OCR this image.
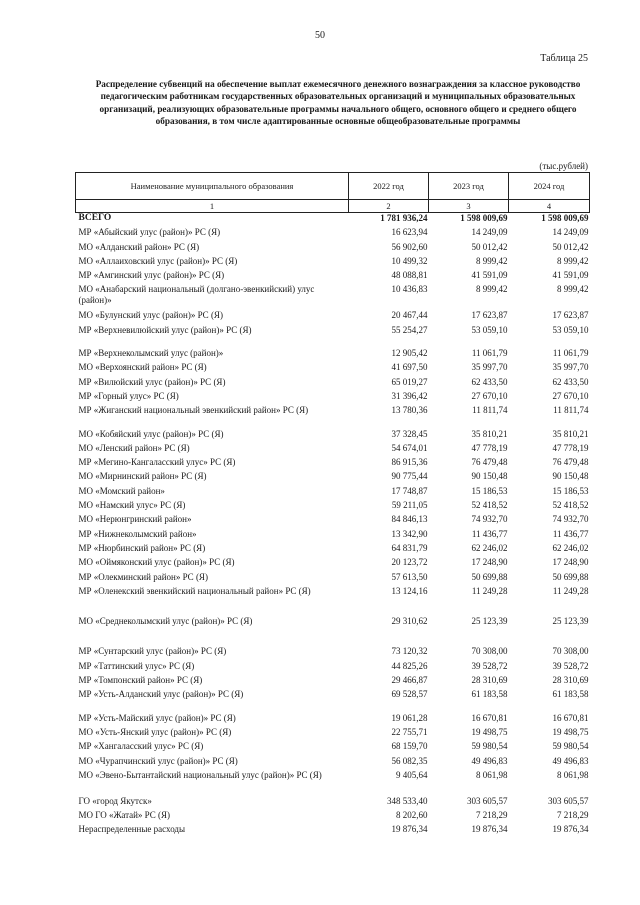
50
Таблица 25
Распределение субвенций на обеспечение выплат ежемесячного денежного вознаграждения за классное руководство педагогическим работникам государственных образовательных организаций и муниципальных образовательных организаций, реализующих образовательные программы начального общего, основного общего и среднего общего образования, в том числе адаптированные основные общеобразовательные программы
(тыс.рублей)
Наименование муниципального образования	2022 год	2023 год	2024 год
1	2	3	4
ВСЕГО	1 781 936,24	1 598 009,69	1 598 009,69
МР «Абыйский улус (район)» РС (Я)	16 623,94	14 249,09	14 249,09
МО «Алданский район» РС (Я)	56 902,60	50 012,42	50 012,42
МО «Аллаиховский улус (район)» РС (Я)	10 499,32	8 999,42	8 999,42
МР «Амгинский улус (район)» РС (Я)	48 088,81	41 591,09	41 591,09
МО «Анабарский национальный (долгано-эвенкийский) улус (район)»	10 436,83	8 999,42	8 999,42
МО «Булунский улус (район)» РС (Я)	20 467,44	17 623,87	17 623,87
МР «Верхневилюйский улус (район)» РС (Я)	55 254,27	53 059,10	53 059,10

МР «Верхнеколымский улус (район)»	12 905,42	11 061,79	11 061,79
МО «Верхоянский район» РС (Я)	41 697,50	35 997,70	35 997,70
МР «Вилюйский улус (район)» РС (Я)	65 019,27	62 433,50	62 433,50
МР «Горный улус» РС (Я)	31 396,42	27 670,10	27 670,10
МР «Жиганский национальный эвенкийский район» РС (Я)	13 780,36	11 811,74	11 811,74

МО «Кобяйский улус (район)» РС (Я)	37 328,45	35 810,21	35 810,21
МО «Ленский район» РС (Я)	54 674,01	47 778,19	47 778,19
МР «Мегино-Кангаласский улус» РС (Я)	86 915,36	76 479,48	76 479,48
МО «Мирнинский район» РС (Я)	90 775,44	90 150,48	90 150,48
МО «Момский район»	17 748,87	15 186,53	15 186,53
МО «Намский улус» РС (Я)	59 211,05	52 418,52	52 418,52
МО «Нерюнгринский район»	84 846,13	74 932,70	74 932,70
МР «Нижнеколымский район»	13 342,90	11 436,77	11 436,77
МР «Нюрбинский район» РС (Я)	64 831,79	62 246,02	62 246,02
МО «Оймяконский улус (район)» РС (Я)	20 123,72	17 248,90	17 248,90
МР «Олекминский район» РС (Я)	57 613,50	50 699,88	50 699,88
МР «Оленекский эвенкийский национальный район» РС (Я)	13 124,16	11 249,28	11 249,28

МО «Среднеколымский улус (район)» РС (Я)	29 310,62	25 123,39	25 123,39

МР «Сунтарский улус (район)» РС (Я)	73 120,32	70 308,00	70 308,00
МР «Таттинский улус» РС (Я)	44 825,26	39 528,72	39 528,72
МР «Томпонский район» РС (Я)	29 466,87	28 310,69	28 310,69
МР «Усть-Алданский улус (район)» РС (Я)	69 528,57	61 183,58	61 183,58

МР «Усть-Майский улус (район)» РС (Я)	19 061,28	16 670,81	16 670,81
МО «Усть-Янский улус (район)» РС (Я)	22 755,71	19 498,75	19 498,75
МР «Хангаласский улус» РС (Я)	68 159,70	59 980,54	59 980,54
МО «Чурапчинский улус (район)» РС (Я)	56 082,35	49 496,83	49 496,83
МО «Эвено-Бытантайский национальный улус (район)» РС (Я)	9 405,64	8 061,98	8 061,98
ГО «город Якутск»	348 533,40	303 605,57	303 605,57
МО ГО «Жатай» РС (Я)	8 202,60	7 218,29	7 218,29
Нераспределенные расходы	19 876,34	19 876,34	19 876,34
